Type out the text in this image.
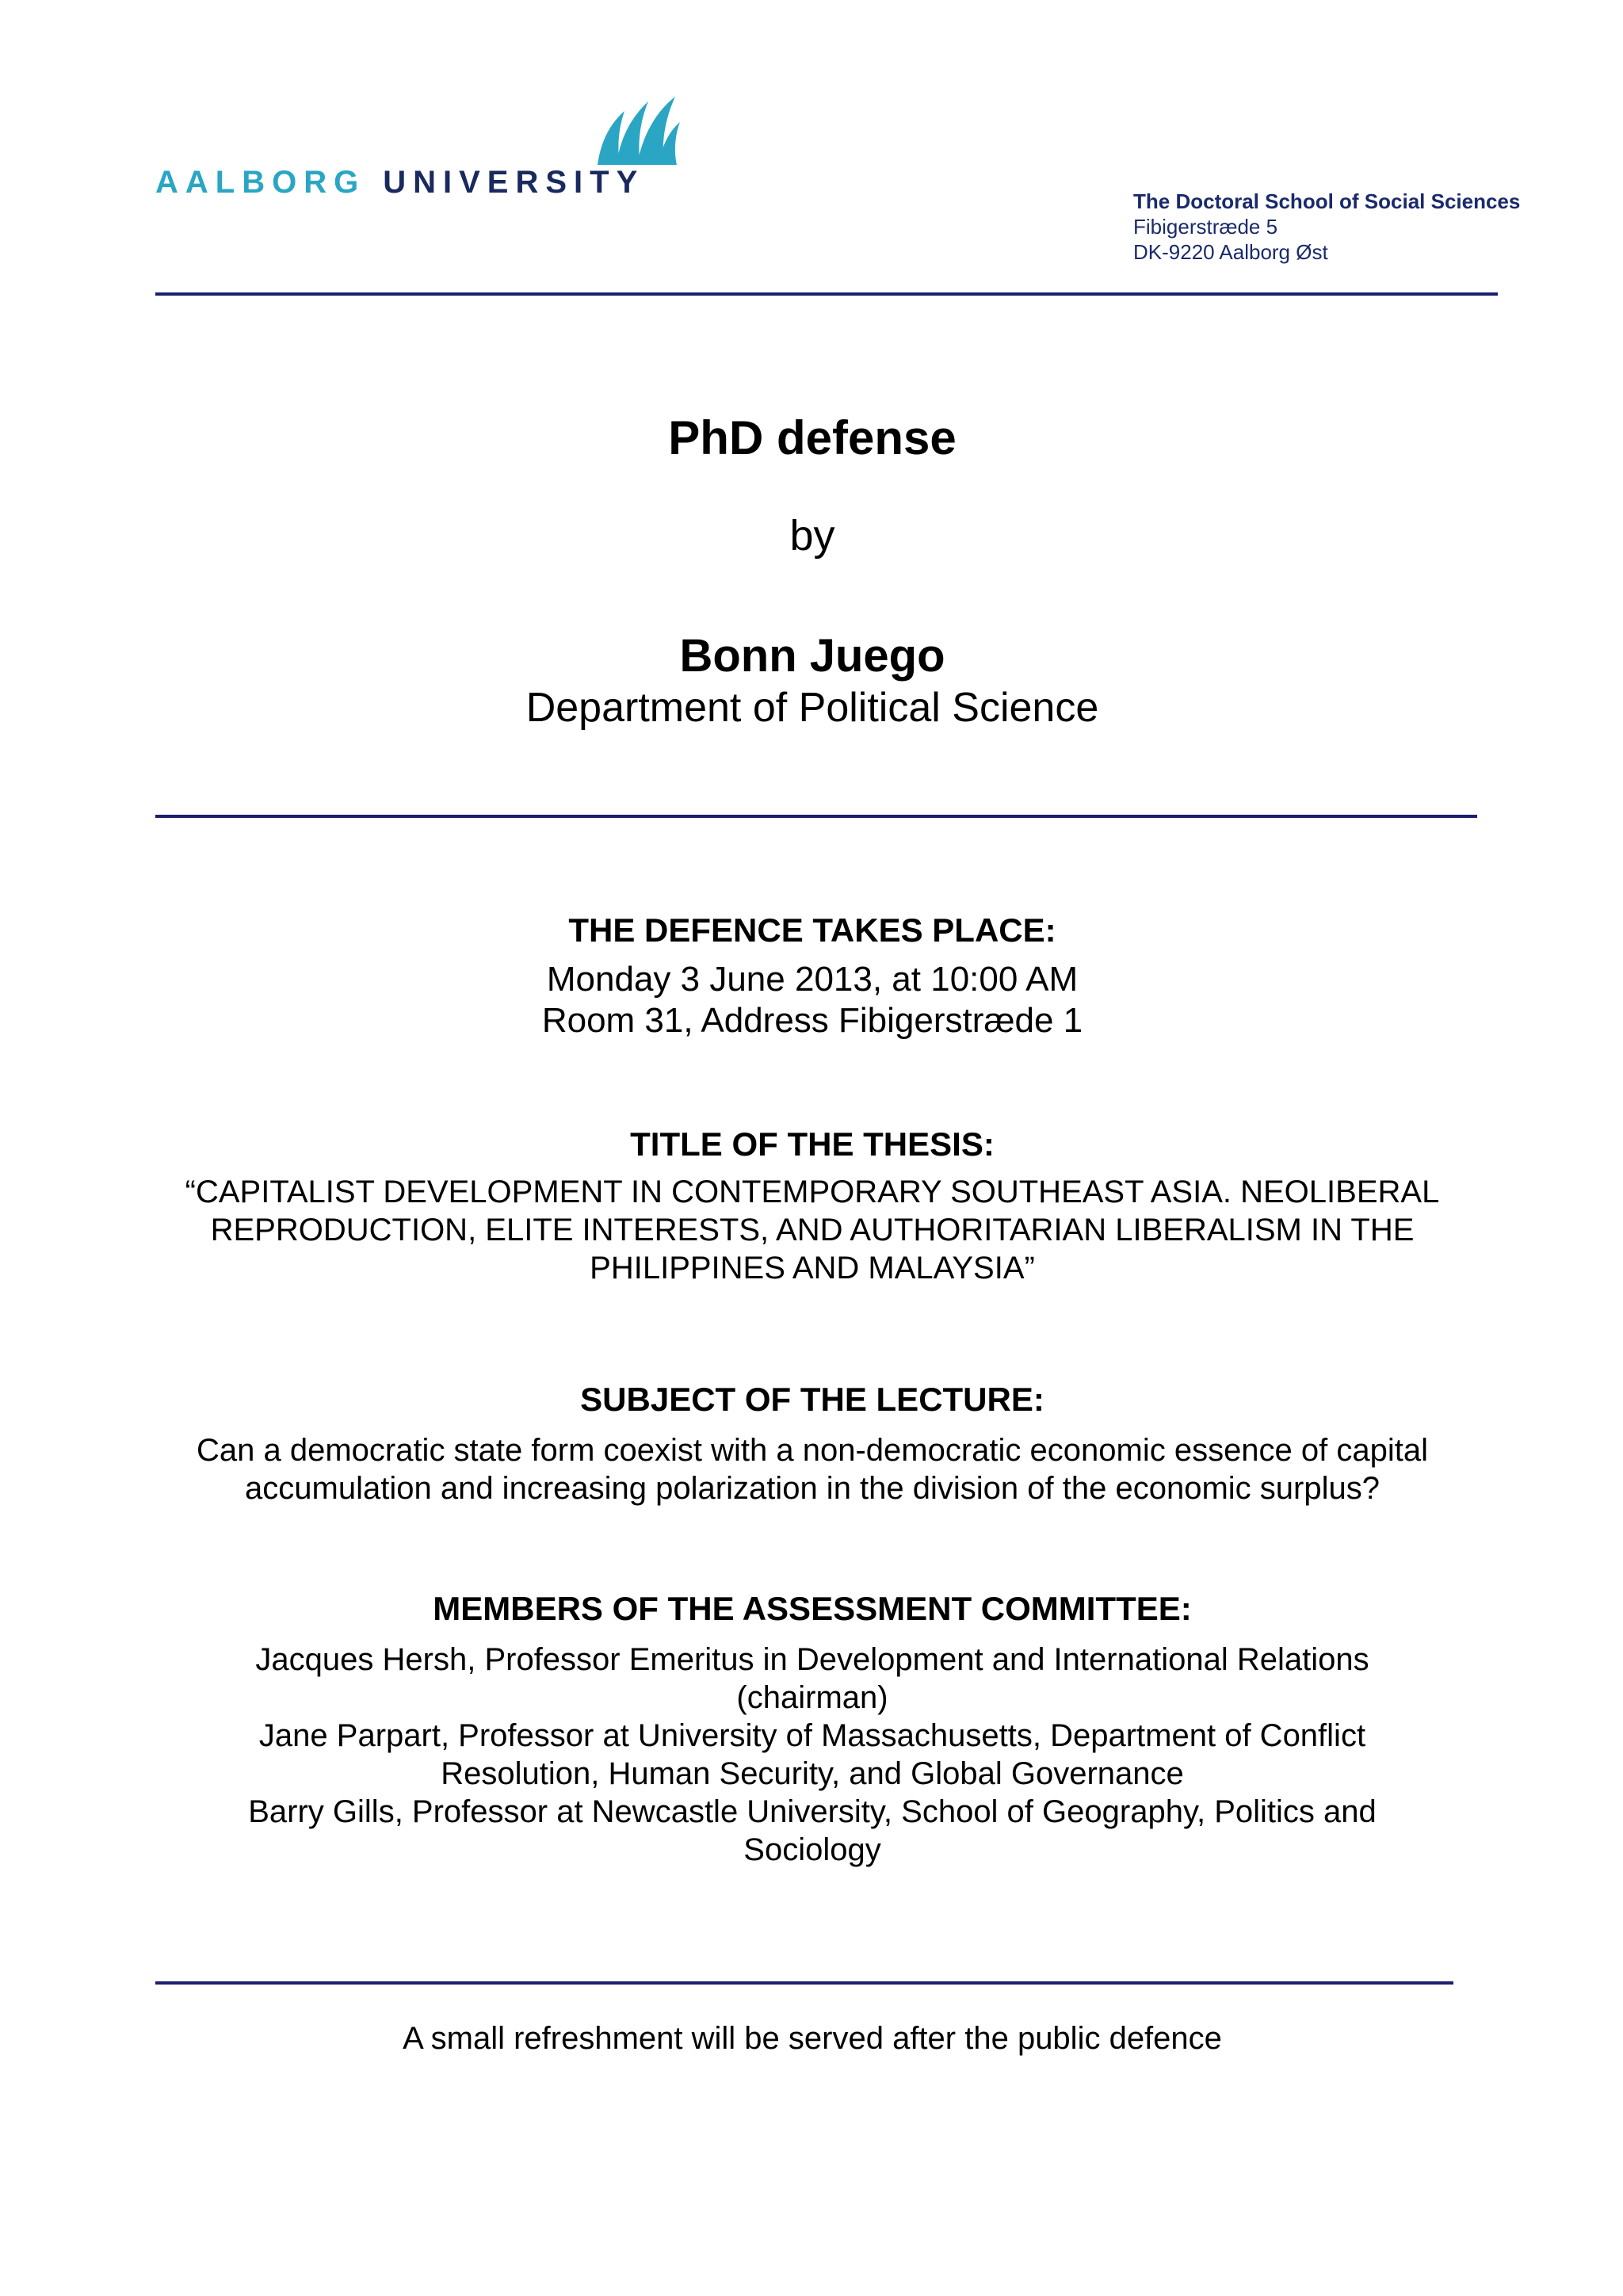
AALBORG UNIVERSITY
The Doctoral School of Social Sciences
Fibigerstræde 5
DK-9220 Aalborg Øst
PhD defense
by
Bonn Juego
Department of Political Science
THE DEFENCE TAKES PLACE:
Monday 3 June 2013, at 10:00 AM
Room 31, Address Fibigerstræde 1
TITLE OF THE THESIS:
“CAPITALIST DEVELOPMENT IN CONTEMPORARY SOUTHEAST ASIA. NEOLIBERAL
REPRODUCTION, ELITE INTERESTS, AND AUTHORITARIAN LIBERALISM IN THE
PHILIPPINES AND MALAYSIA”
SUBJECT OF THE LECTURE:
Can a democratic state form coexist with a non-democratic economic essence of capital
accumulation and increasing polarization in the division of the economic surplus?
MEMBERS OF THE ASSESSMENT COMMITTEE:
Jacques Hersh, Professor Emeritus in Development and International Relations
(chairman)
Jane Parpart, Professor at University of Massachusetts, Department of Conflict
Resolution, Human Security, and Global Governance
Barry Gills, Professor at Newcastle University, School of Geography, Politics and
Sociology
A small refreshment will be served after the public defence
